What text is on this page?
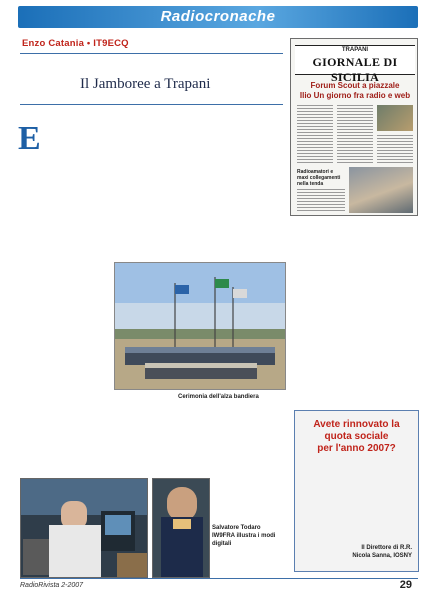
Radiocronache
Enzo Catania • IT9ECQ
Il Jamboree a Trapani
E
TRAPANI
GIORNALE DI SICILIA
Forum Scout a piazzale
Ilio Un giorno fra radio e web
Radioamatori e
maxi collegamenti
nella tenda
Cerimonia dell'alza bandiera
Salvatore Todaro
IW9FRA illustra i modi
digitali
Avete rinnovato la
quota sociale
per l'anno 2007?
Il Direttore di R.R.
Nicola Sanna, IOSNY
RadioRivista 2-2007	29
